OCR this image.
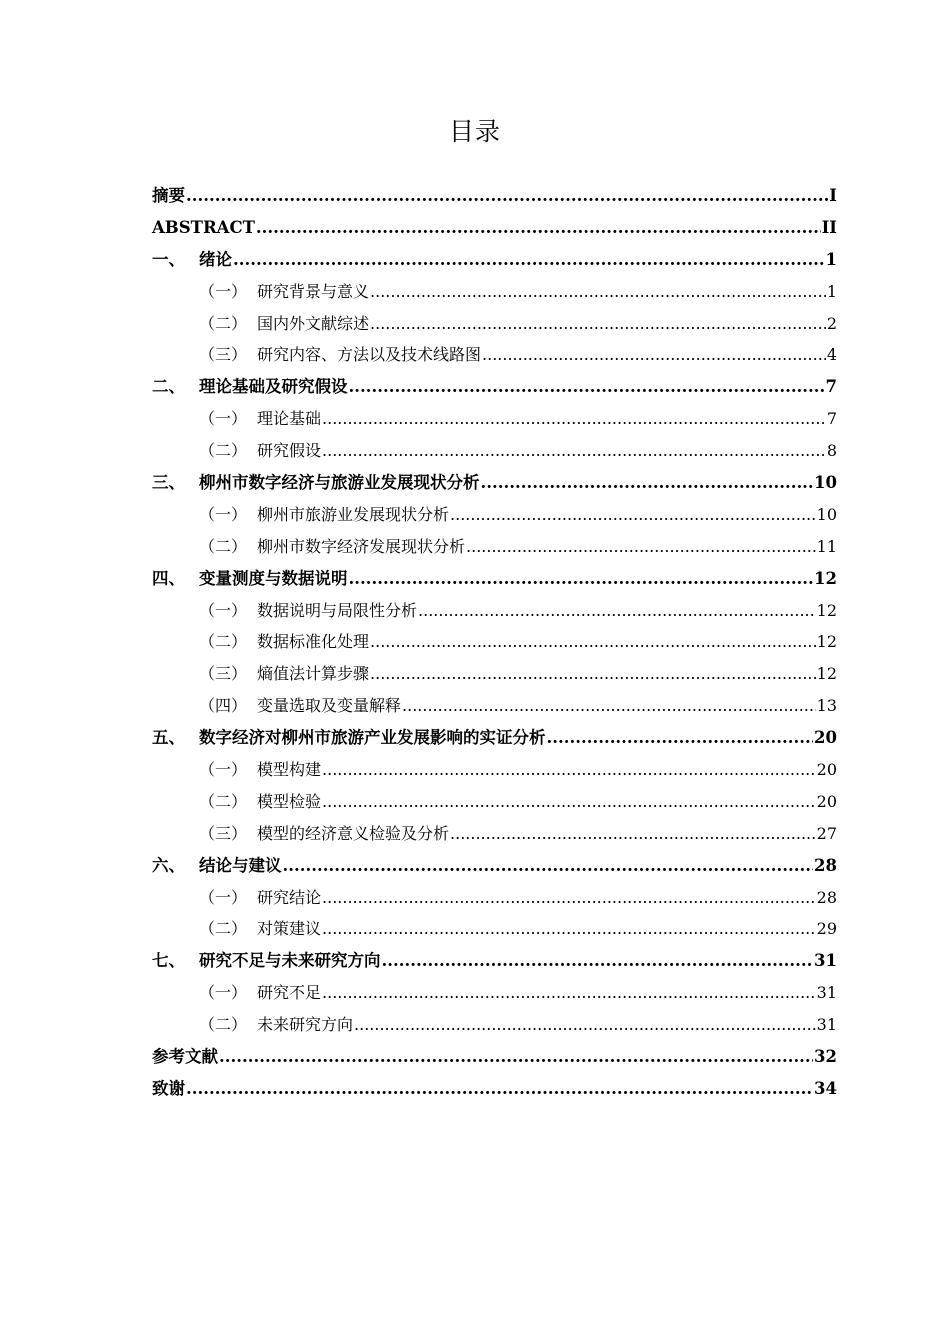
目录
摘要 .....	I
ABSTRACT .....	II
一、 绪论 .....	1
（一） 研究背景与意义 .....	1
（二） 国内外文献综述 .....	2
（三） 研究内容、方法以及技术线路图 .....	4
二、 理论基础及研究假设 .....	7
（一） 理论基础 .....	7
（二） 研究假设 .....	8
三、 柳州市数字经济与旅游业发展现状分析 .....	10
（一） 柳州市旅游业发展现状分析 .....	10
（二） 柳州市数字经济发展现状分析 .....	11
四、 变量测度与数据说明 .....	12
（一） 数据说明与局限性分析 .....	12
（二） 数据标准化处理 .....	12
（三） 熵值法计算步骤 .....	12
（四） 变量选取及变量解释 .....	13
五、 数字经济对柳州市旅游产业发展影响的实证分析 .....	20
（一） 模型构建 .....	20
（二） 模型检验 .....	20
（三） 模型的经济意义检验及分析 .....	27
六、 结论与建议 .....	28
（一） 研究结论 .....	28
（二） 对策建议 .....	29
七、 研究不足与未来研究方向 .....	31
（一） 研究不足 .....	31
（二） 未来研究方向 .....	31
参考文献 .....	32
致谢 .....	34
